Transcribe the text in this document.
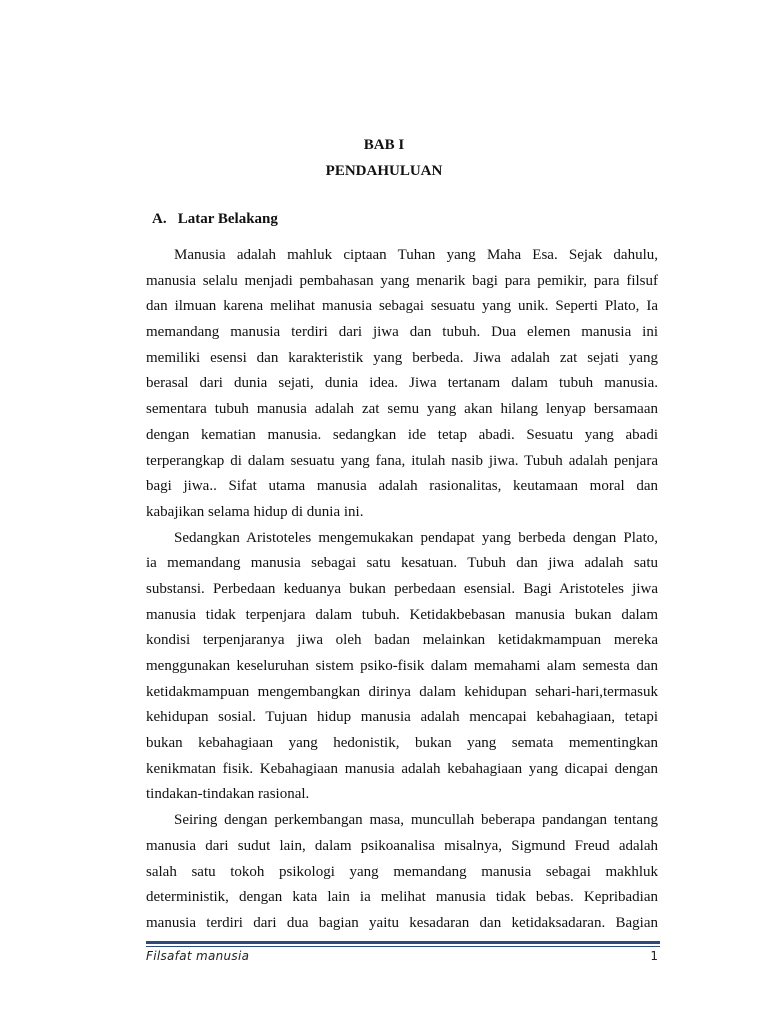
BAB I
PENDAHULUAN
A. Latar Belakang
Manusia adalah mahluk ciptaan Tuhan yang Maha Esa. Sejak dahulu,
manusia selalu menjadi pembahasan yang menarik bagi para pemikir, para filsuf
dan ilmuan karena melihat manusia sebagai sesuatu yang unik. Seperti Plato, Ia
memandang manusia terdiri dari jiwa dan tubuh. Dua elemen manusia ini
memiliki esensi dan karakteristik yang berbeda. Jiwa adalah zat sejati yang
berasal dari dunia sejati, dunia idea. Jiwa tertanam dalam tubuh manusia.
sementara tubuh manusia adalah zat semu yang akan hilang lenyap bersamaan
dengan kematian manusia. sedangkan ide tetap abadi. Sesuatu yang abadi
terperangkap di dalam sesuatu yang fana, itulah nasib jiwa. Tubuh adalah penjara
bagi jiwa.. Sifat utama manusia adalah rasionalitas, keutamaan moral dan
kabajikan selama hidup di dunia ini.
Sedangkan Aristoteles mengemukakan pendapat yang berbeda dengan Plato,
ia memandang manusia sebagai satu kesatuan. Tubuh dan jiwa adalah satu
substansi. Perbedaan keduanya bukan perbedaan esensial. Bagi Aristoteles jiwa
manusia tidak terpenjara dalam tubuh. Ketidakbebasan manusia bukan dalam
kondisi terpenjaranya jiwa oleh badan melainkan ketidakmampuan mereka
menggunakan keseluruhan sistem psiko-fisik dalam memahami alam semesta dan
ketidakmampuan mengembangkan dirinya dalam kehidupan sehari-hari,termasuk
kehidupan sosial. Tujuan hidup manusia adalah mencapai kebahagiaan, tetapi
bukan kebahagiaan yang hedonistik, bukan yang semata mementingkan
kenikmatan fisik. Kebahagiaan manusia adalah kebahagiaan yang dicapai dengan
tindakan-tindakan rasional.
Seiring dengan perkembangan masa, muncullah beberapa pandangan tentang
manusia dari sudut lain, dalam psikoanalisa misalnya, Sigmund Freud adalah
salah satu tokoh psikologi yang memandang manusia sebagai makhluk
deterministik, dengan kata lain ia melihat manusia tidak bebas. Kepribadian
manusia terdiri dari dua bagian yaitu kesadaran dan ketidaksadaran. Bagian
Filsafat manusia	1
